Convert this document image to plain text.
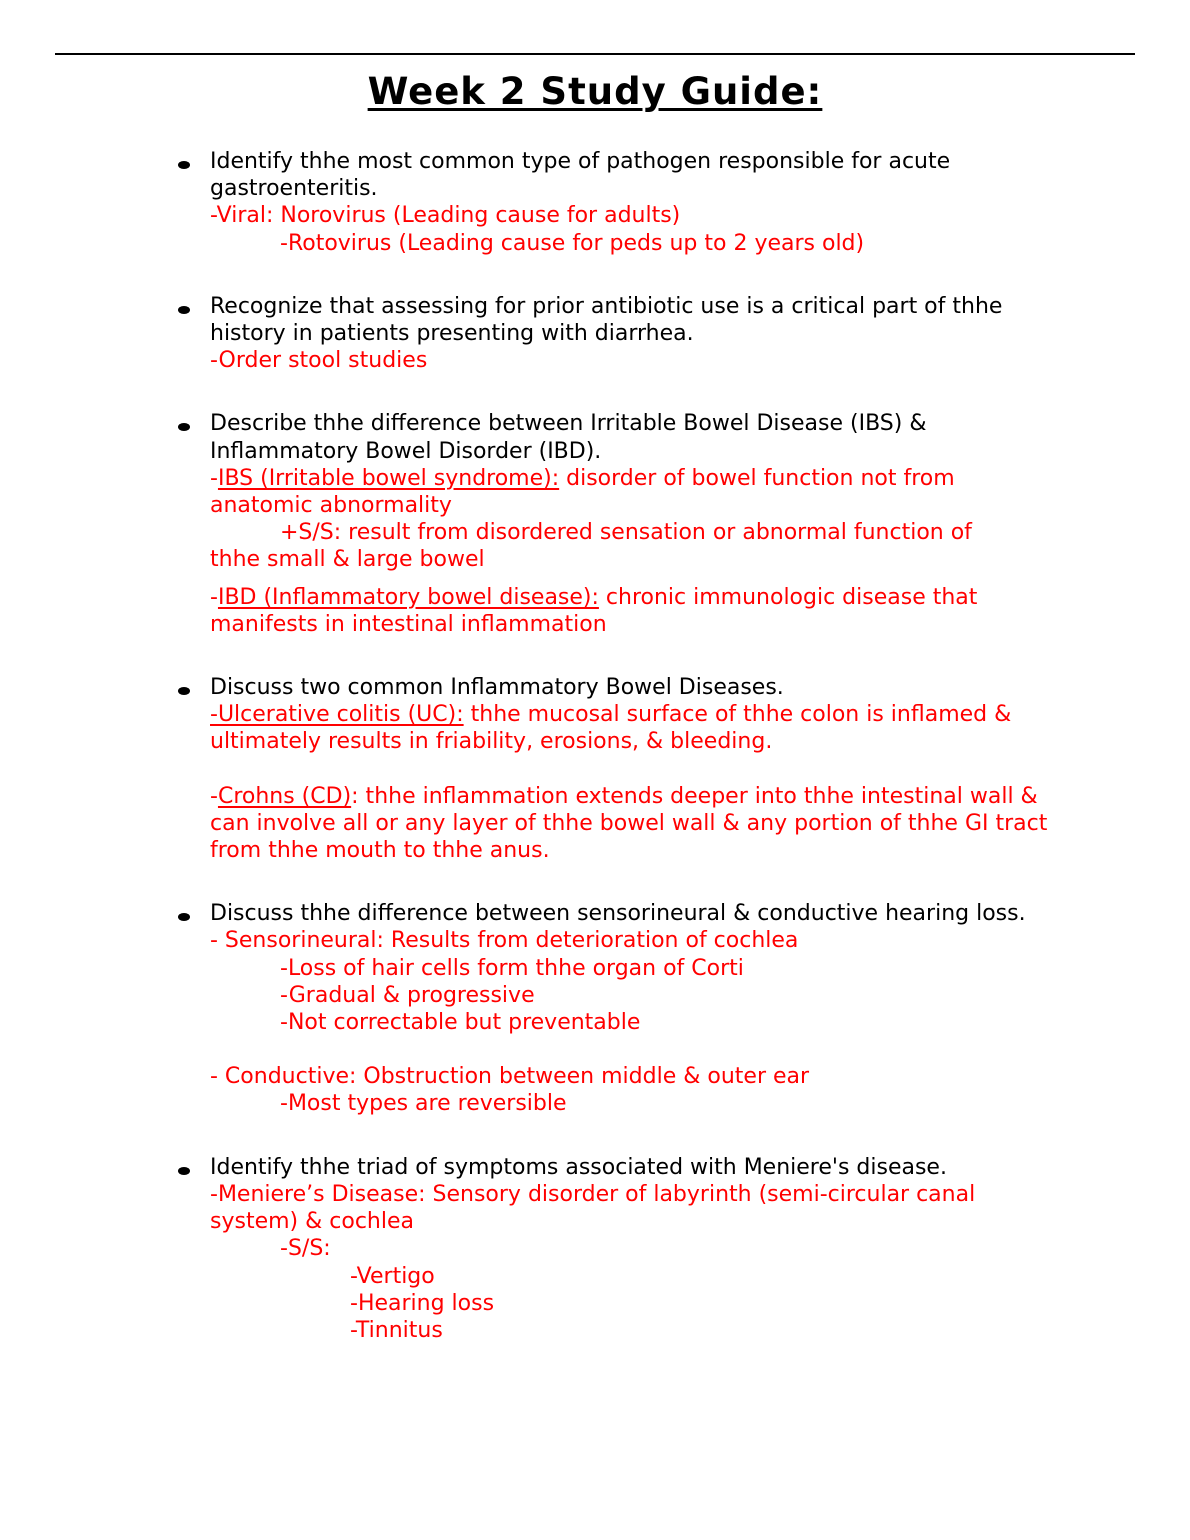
Week 2 Study Guide:
Identify thhe most common type of pathogen responsible for acute gastroenteritis.
-Viral: Norovirus (Leading cause for adults)
-Rotovirus (Leading cause for peds up to 2 years old)
Recognize that assessing for prior antibiotic use is a critical part of thhe history in patients presenting with diarrhea.
-Order stool studies
Describe thhe difference between Irritable Bowel Disease (IBS) & Inflammatory Bowel Disorder (IBD).
-IBS (Irritable bowel syndrome): disorder of bowel function not from anatomic abnormality
+S/S: result from disordered sensation or abnormal function of
thhe small & large bowel
-IBD (Inflammatory bowel disease): chronic immunologic disease that manifests in intestinal inflammation
Discuss two common Inflammatory Bowel Diseases.
-Ulcerative colitis (UC): thhe mucosal surface of thhe colon is inflamed & ultimately results in friability, erosions, & bleeding.
-Crohns (CD): thhe inflammation extends deeper into thhe intestinal wall & can involve all or any layer of thhe bowel wall & any portion of thhe GI tract from thhe mouth to thhe anus.
Discuss thhe difference between sensorineural & conductive hearing loss.
- Sensorineural: Results from deterioration of cochlea
-Loss of hair cells form thhe organ of Corti
-Gradual & progressive
-Not correctable but preventable
- Conductive: Obstruction between middle & outer ear
-Most types are reversible
Identify thhe triad of symptoms associated with Meniere's disease.
-Meniere’s Disease: Sensory disorder of labyrinth (semi-circular canal system) & cochlea
-S/S:
-Vertigo
-Hearing loss
-Tinnitus
